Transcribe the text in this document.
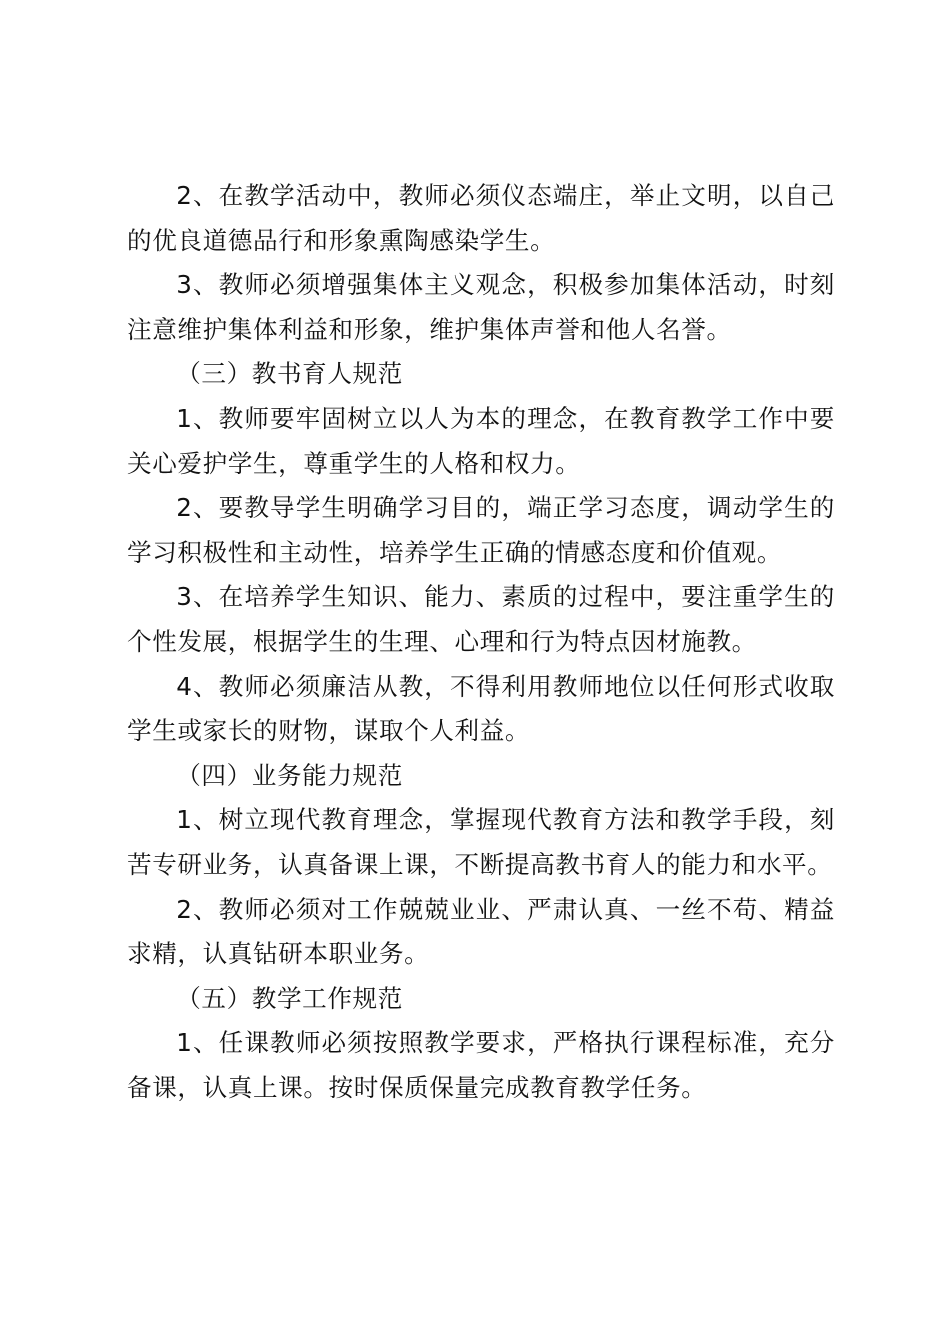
2、在教学活动中，教师必须仪态端庄，举止文明，以自己的优良道德品行和形象熏陶感染学生。

3、教师必须增强集体主义观念，积极参加集体活动，时刻注意维护集体利益和形象，维护集体声誉和他人名誉。

（三）教书育人规范

1、教师要牢固树立以人为本的理念，在教育教学工作中要关心爱护学生，尊重学生的人格和权力。

2、要教导学生明确学习目的，端正学习态度，调动学生的学习积极性和主动性，培养学生正确的情感态度和价值观。

3、在培养学生知识、能力、素质的过程中，要注重学生的个性发展，根据学生的生理、心理和行为特点因材施教。

4、教师必须廉洁从教，不得利用教师地位以任何形式收取学生或家长的财物，谋取个人利益。

（四）业务能力规范

1、树立现代教育理念，掌握现代教育方法和教学手段，刻苦专研业务，认真备课上课，不断提高教书育人的能力和水平。

2、教师必须对工作兢兢业业、严肃认真、一丝不苟、精益求精，认真钻研本职业务。

（五）教学工作规范

1、任课教师必须按照教学要求，严格执行课程标准，充分备课，认真上课。按时保质保量完成教育教学任务。
